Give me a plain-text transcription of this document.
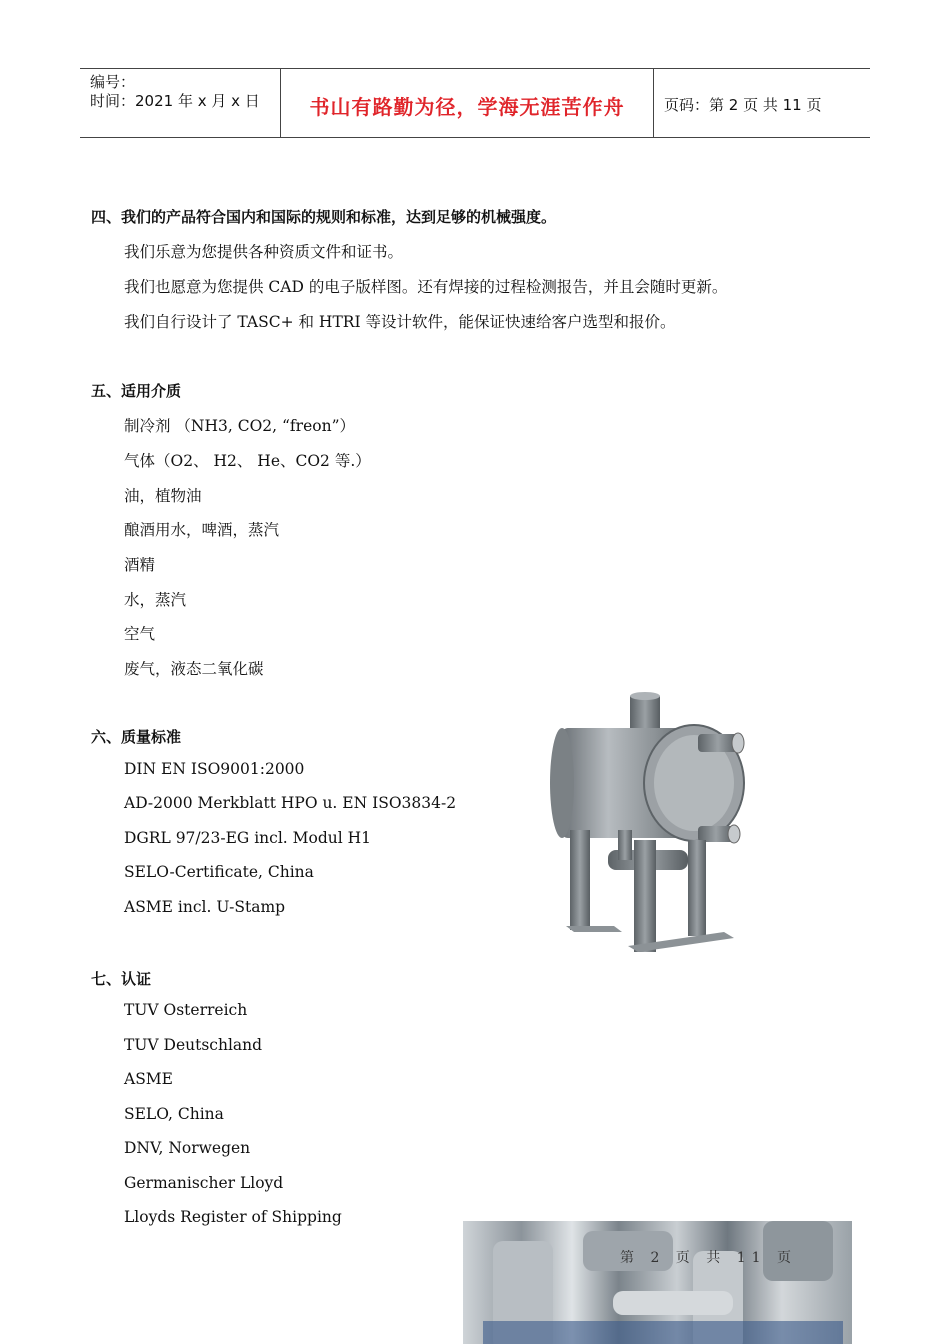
编号：
时间：2021 年 x 月 x 日	书山有路勤为径，学海无涯苦作舟	页码：第 2 页 共 11 页
四、我们的产品符合国内和国际的规则和标准，达到足够的机械强度。
我们乐意为您提供各种资质文件和证书。
我们也愿意为您提供 CAD 的电子版样图。还有焊接的过程检测报告，并且会随时更新。
我们自行设计了 TASC+ 和 HTRI 等设计软件，能保证快速给客户选型和报价。
五、适用介质
制冷剂 （NH3, CO2, “freon”）
气体（O2、 H2、 He、CO2 等.）
油，植物油
酿酒用水，啤酒，蒸汽
酒精
水，蒸汽
空气
废气，液态二氧化碳
六、质量标准
DIN EN ISO9001:2000
AD-2000 Merkblatt HPO u. EN ISO3834-2
DGRL 97/23-EG incl. Modul H1
SELO-Certificate, China
ASME incl. U-Stamp
七、认证
TUV Osterreich
TUV Deutschland
ASME
SELO, China
DNV, Norwegen
Germanischer Lloyd
Lloyds Register of Shipping
第 2 页 共 11 页
